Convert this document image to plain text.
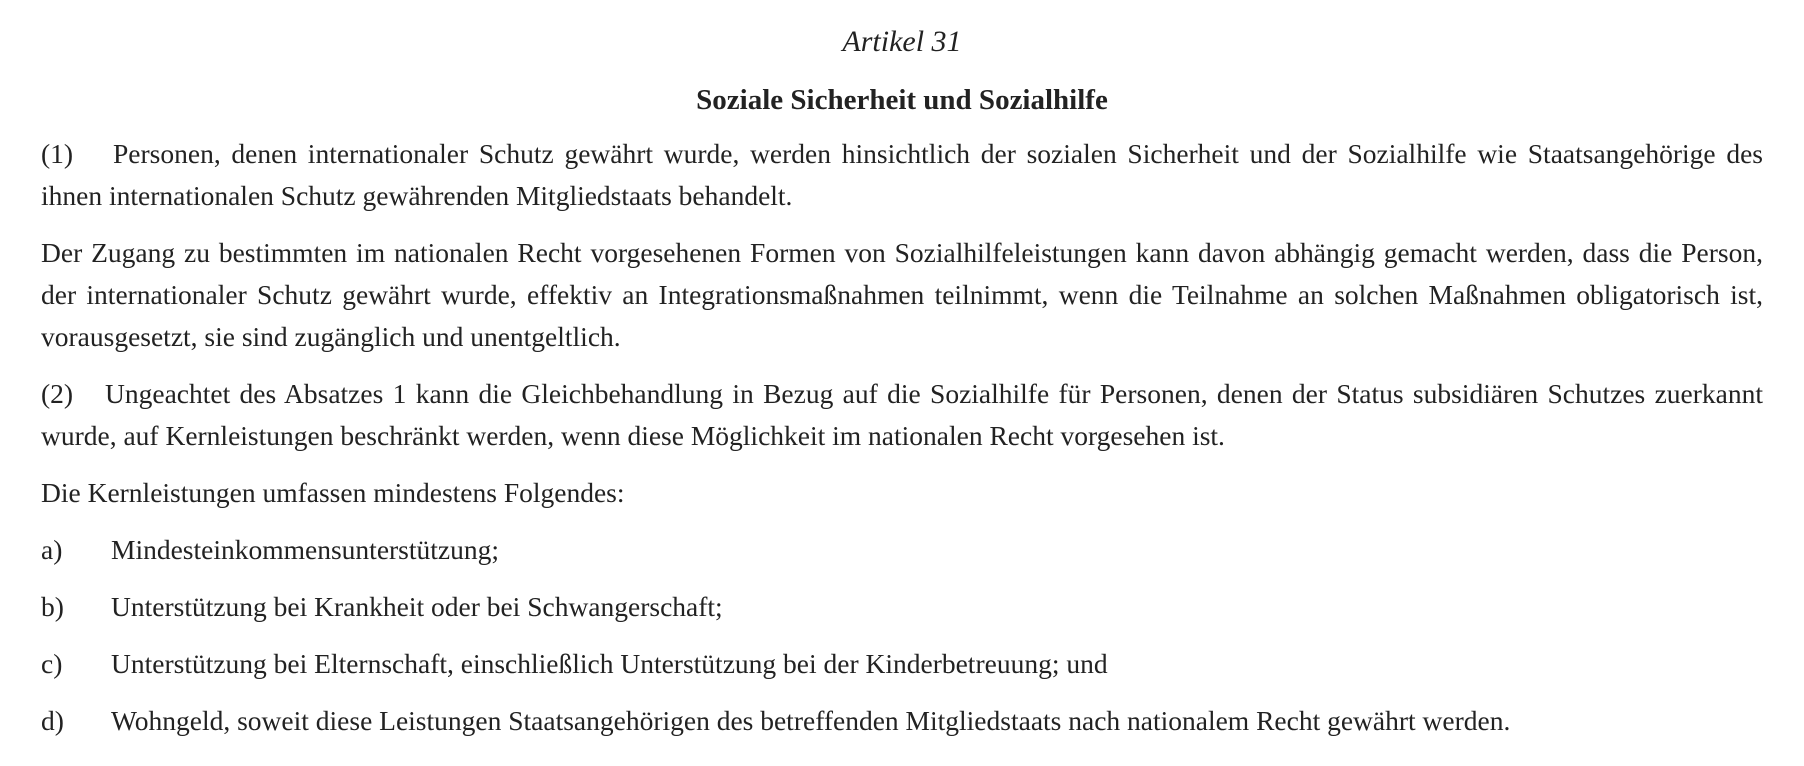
Artikel 31
Soziale Sicherheit und Sozialhilfe

(1) Personen, denen internationaler Schutz gewährt wurde, werden hinsichtlich der sozialen Sicherheit und der Sozialhilfe wie Staatsangehörige des ihnen internationalen Schutz gewährenden Mitgliedstaats behandelt.

Der Zugang zu bestimmten im nationalen Recht vorgesehenen Formen von Sozialhilfeleistungen kann davon abhängig gemacht werden, dass die Person, der internationaler Schutz gewährt wurde, effektiv an Integrationsmaßnahmen teilnimmt, wenn die Teilnahme an solchen Maßnahmen obligatorisch ist, vorausgesetzt, sie sind zugänglich und unentgeltlich.

(2) Ungeachtet des Absatzes 1 kann die Gleichbehandlung in Bezug auf die Sozialhilfe für Personen, denen der Status subsidiären Schutzes zuerkannt wurde, auf Kernleistungen beschränkt werden, wenn diese Möglichkeit im nationalen Recht vorgesehen ist.

Die Kernleistungen umfassen mindestens Folgendes:

a)	Mindesteinkommensunterstützung;
b)	Unterstützung bei Krankheit oder bei Schwangerschaft;
c)	Unterstützung bei Elternschaft, einschließlich Unterstützung bei der Kinderbetreuung; und
d)	Wohngeld, soweit diese Leistungen Staatsangehörigen des betreffenden Mitgliedstaats nach nationalem Recht gewährt werden.
